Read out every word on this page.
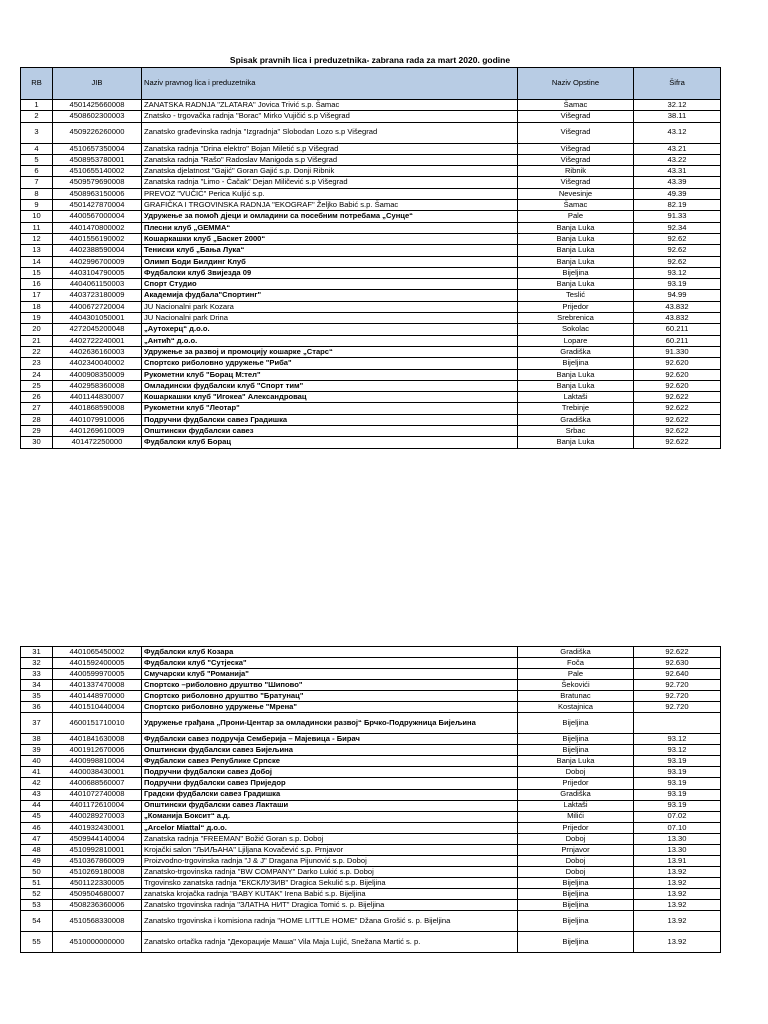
Spisak pravnih lica i preduzetnika- zabrana rada za mart 2020. godine
RB	JIB	Naziv pravnog lica i preduzetnika	Naziv Opstine	Šifra
1	4501425660008	ZANATSKA RADNJA "ZLATARA" Jovica Trivić s.p. Šamac	Šamac	32.12
2	4508602300003	Znatsko - trgovačka radnja "Borac" Mirko Vujičić s.p Višegrad	Višegrad	38.11
3	4509226260000	Zanatsko građevinska radnja "Izgradnja" Slobodan Lozo s.p Višegrad	Višegrad	43.12
4	4510657350004	Zanatska radnja "Drina elektro" Bojan Miletić s.p Višegrad	Višegrad	43.21
5	4508953780001	Zanatska radnja "Rašo" Radoslav Manigoda s.p Višegrad	Višegrad	43.22
6	4510655140002	Zanatska djelatnost "Gajić" Goran Gajić s.p. Donji Ribnik	Ribnik	43.31
7	4509579690008	Zanatska radnja "Limo - Čačak" Dejan Miličević s.p Višegrad	Višegrad	43.39
8	4508963150006	PREVOZ "VUČIĆ" Perica Kuljić s.p.	Nevesinje	49.39
9	4501427870004	GRAFIČKA I TRGOVINSKA RADNJA "EKOGRAF" Željko Babić s.p. Šamac	Šamac	82.19
10	4400567000004	Удружење за помоћ дјеци и омладини са посебним потребама „Сунце“	Pale	91.33
11	4401470800002	Плесни клуб „GEMMA“	Banja Luka	92.34
12	4401556190002	Кошаркашки клуб „Баскет 2000“	Banja Luka	92.62
13	4402388590004	Тениски клуб „Бања Лука“	Banja Luka	92.62
14	4402996700009	Олимп Боди Билдинг Клуб	Banja Luka	92.62
15	4403104790005	Фудбалски клуб Звијезда 09	Bijeljina	93.12
16	4404061150003	Спорт Студио	Banja Luka	93.19
17	4403723180009	Академија фудбала"Спортинг"	Teslić	94.99
18	4400672720004	JU Nacionalni park Kozara	Prijedor	43.832
19	4404301050001	JU Nacionalni park Drina	Srebrenica	43.832
20	4272045200048	„Аутохерц“ д.о.о.	Sokolac	60.211
21	4402722240001	„Антић“ д.о.о.	Lopare	60.211
22	4402636160003	Удружење за развој и промоцију кошарке „Старс“	Gradiška	91.330
23	4402340040002	Спортско риболовно удружење "Риба"	Bijeljina	92.620
24	4400908350009	Рукометни клуб "Борац М:тел"	Banja Luka	92.620
25	4402958360008	Омладински фудбалски клуб "Спорт тим"	Banja Luka	92.620
26	4401144830007	Кошаркашки клуб "Игокеа" Александровац	Laktaši	92.622
27	4401868590008	Рукометни клуб "Леотар"	Trebinje	92.622
28	4401079910006	Подручни фудбалски савез Градишка	Gradiška	92.622
29	4401269610009	Општински фудбалски савез	Srbac	92.622
30	401472250000	Фудбалски клуб Борац	Banja Luka	92.622
31	4401065450002	Фудбалски клуб Козара	Gradiška	92.622
32	4401592400005	Фудбалски клуб "Сутјеска"	Foča	92.630
33	4400599970005	Смучарски клуб "Романија"	Pale	92.640
34	4401337470008	Спортско –риболовно друштво "Шипово"	Šekovići	92.720
35	4401448970000	Спортско риболовно друштво "Братунац"	Bratunac	92.720
36	4401510440004	Спортско риболовно удружење "Мрена"	Kostajnica	92.720
37	4600151710010	Удружење грађана „Прони-Центар за омладински развој“ Брчко-Подружница Бијељина	Bijeljina	
38	4401841630008	Фудбалски савез подручја Семберија – Мајевица - Бирач	Bijeljina	93.12
39	4001912670006	Општински фудбалски савез Бијељина	Bijeljina	93.12
40	4400998810004	Фудбалски савез Републике Српске	Banja Luka	93.19
41	4400038430001	Подручни фудбалски савез Добој	Doboj	93.19
42	4400688560007	Подручни фудбалски савез Приједор	Prijedor	93.19
43	4401072740008	Градски фудбалски савез Градишка	Gradiška	93.19
44	4401172610004	Општински фудбалски савез Лакташи	Laktaši	93.19
45	4400289270003	„Команија Боксит“ а.д.	Milići	07.02
46	4401932430001	„Arcelor Miattal“ д.о.о.	Prijedor	07.10
47	4509944140004	Zanatska radnja "FREEMAN" Božić Goran s.p. Doboj	Doboj	13.30
48	4510992810001	Krojački salon "ЉИЉАНА" Ljiljana Kovačević s.p. Prnjavor	Prnjavor	13.30
49	4510367860009	Proizvodno-trgovinska radnja "J & J" Dragana Pijunović s.p. Doboj	Doboj	13.91
50	4510269180008	Zanatsko-trgovinska radnja "BW COMPANY" Darko Lukić s.p. Doboj	Doboj	13.92
51	4501122330005	Trgovinsko zanatska radnja "ЕКСКЛУЗИВ" Dragica Sekulić s.p. Bijeljina	Bijeljina	13.92
52	4509504680007	zanatska krojačka radnja "BABY KUTAK" Irena Babić s.p. Bijeljina	Bijeljina	13.92
53	4508236360006	Zanatsko trgovinska radnja "ЗЛАТНА НИТ" Dragica Tomić s. p. Bijeljina	Bijeljina	13.92
54	4510568330008	Zanatsko trgovinska i komisiona radnja "HOME LITTLE HOME" Džana Grošić s. p. Bijeljina	Bijeljina	13.92
55	4510000000000	Zanatsko ortačka radnja "Декорације Маша" Vila Maja Lujić, Snežana Martić s. p.	Bijeljina	13.92
